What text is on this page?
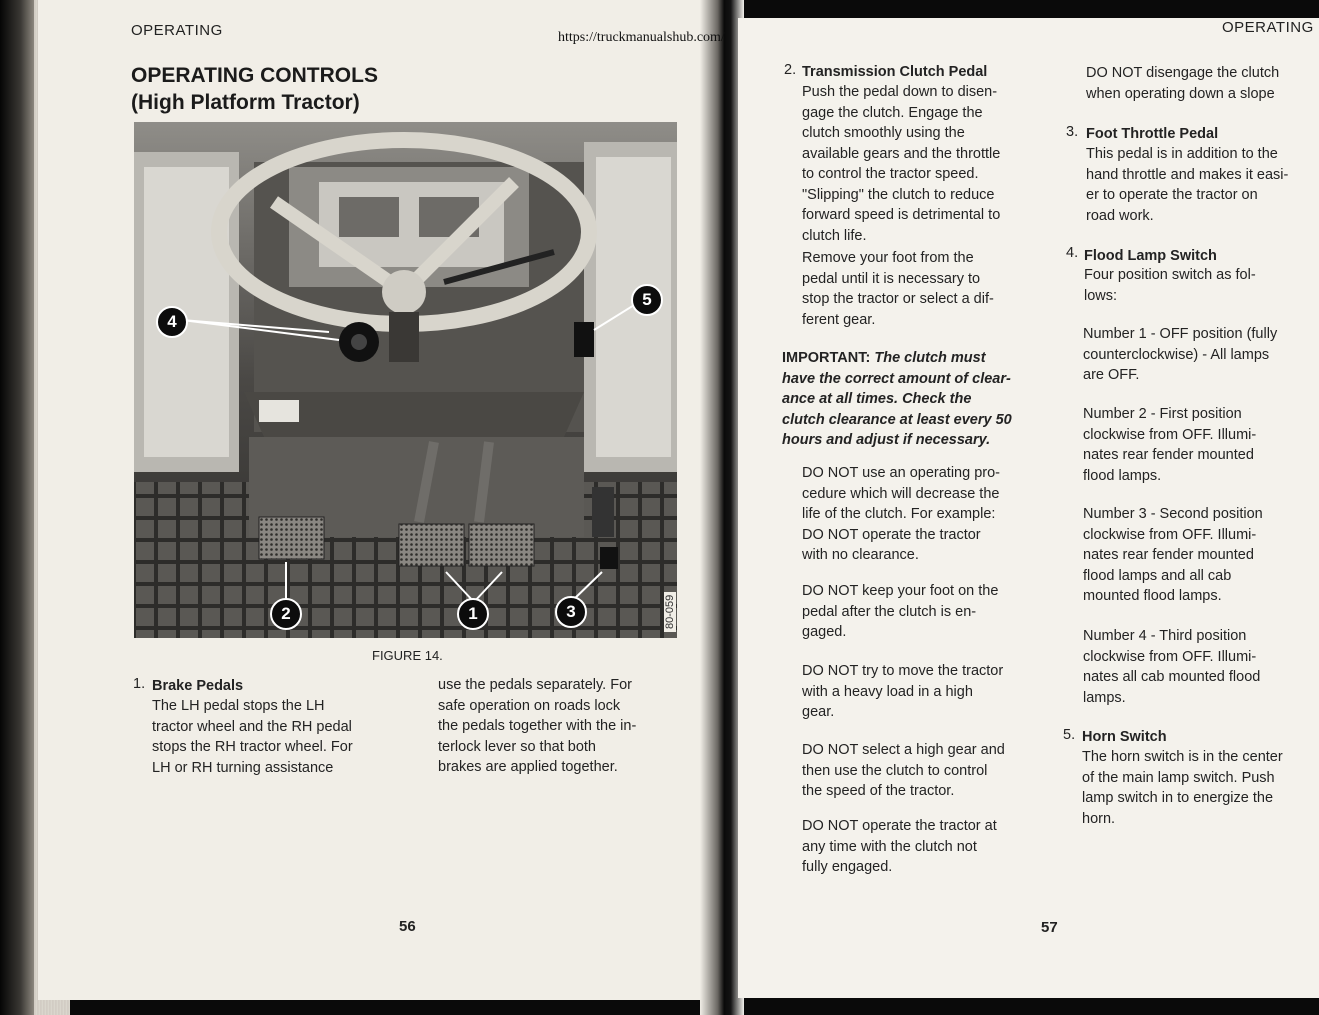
OPERATING	https://truckmanualshub.com/
OPERATING CONTROLS
(High Platform Tractor)
4
5
2	1	3	80-059
FIGURE 14.
1. Brake Pedals
The LH pedal stops the LH
tractor wheel and the RH pedal
stops the RH tractor wheel. For
LH or RH turning assistance
use the pedals separately. For
safe operation on roads lock
the pedals together with the in-
terlock lever so that both
brakes are applied together.
56
OPERATING
2. Transmission Clutch Pedal
Push the pedal down to disen-
gage the clutch. Engage the
clutch smoothly using the
available gears and the throttle
to control the tractor speed.
"Slipping" the clutch to reduce
forward speed is detrimental to
clutch life.
Remove your foot from the
pedal until it is necessary to
stop the tractor or select a dif-
ferent gear.
IMPORTANT: The clutch must
have the correct amount of clear-
ance at all times. Check the
clutch clearance at least every 50
hours and adjust if necessary.
DO NOT use an operating pro-
cedure which will decrease the
life of the clutch. For example:
DO NOT operate the tractor
with no clearance.
DO NOT keep your foot on the
pedal after the clutch is en-
gaged.
DO NOT try to move the tractor
with a heavy load in a high
gear.
DO NOT select a high gear and
then use the clutch to control
the speed of the tractor.
DO NOT operate the tractor at
any time with the clutch not
fully engaged.
57
DO NOT disengage the clutch
when operating down a slope
3. Foot Throttle Pedal
This pedal is in addition to the
hand throttle and makes it easi-
er to operate the tractor on
road work.
4. Flood Lamp Switch
Four position switch as fol-
lows:
Number 1 - OFF position (fully
counterclockwise) - All lamps
are OFF.
Number 2 - First position
clockwise from OFF. Illumi-
nates rear fender mounted
flood lamps.
Number 3 - Second position
clockwise from OFF. Illumi-
nates rear fender mounted
flood lamps and all cab
mounted flood lamps.
Number 4 - Third position
clockwise from OFF. Illumi-
nates all cab mounted flood
lamps.
5. Horn Switch
The horn switch is in the center
of the main lamp switch. Push
lamp switch in to energize the
horn.
